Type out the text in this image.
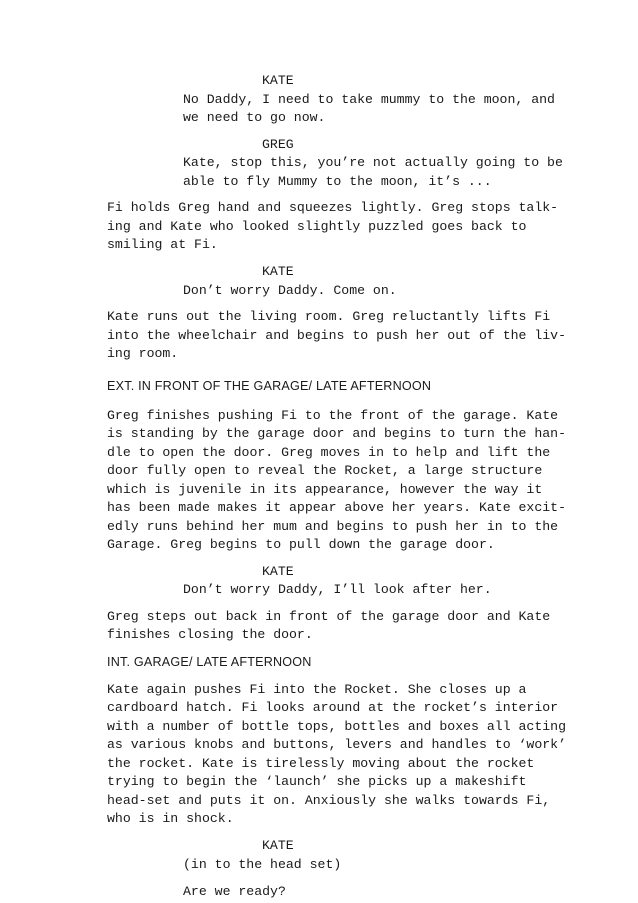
KATE
No Daddy, I need to take mummy to the moon, and
we need to go now.
GREG
Kate, stop this, you’re not actually going to be
able to fly Mummy to the moon, it’s ...
Fi holds Greg hand and squeezes lightly. Greg stops talk-
ing and Kate who looked slightly puzzled goes back to
smiling at Fi.
KATE
Don’t worry Daddy. Come on.
Kate runs out the living room. Greg reluctantly lifts Fi
into the wheelchair and begins to push her out of the liv-
ing room.
EXT. IN FRONT OF THE GARAGE/ LATE AFTERNOON
Greg finishes pushing Fi to the front of the garage. Kate
is standing by the garage door and begins to turn the han-
dle to open the door. Greg moves in to help and lift the
door fully open to reveal the Rocket, a large structure
which is juvenile in its appearance, however the way it
has been made makes it appear above her years. Kate excit-
edly runs behind her mum and begins to push her in to the
Garage. Greg begins to pull down the garage door.
KATE
Don’t worry Daddy, I’ll look after her.
Greg steps out back in front of the garage door and Kate
finishes closing the door.
INT. GARAGE/ LATE AFTERNOON
Kate again pushes Fi into the Rocket. She closes up a
cardboard hatch. Fi looks around at the rocket’s interior
with a number of bottle tops, bottles and boxes all acting
as various knobs and buttons, levers and handles to ‘work’
the rocket. Kate is tirelessly moving about the rocket
trying to begin the ‘launch’ she picks up a makeshift
head-set and puts it on. Anxiously she walks towards Fi,
who is in shock.
KATE
(in to the head set)
Are we ready?
